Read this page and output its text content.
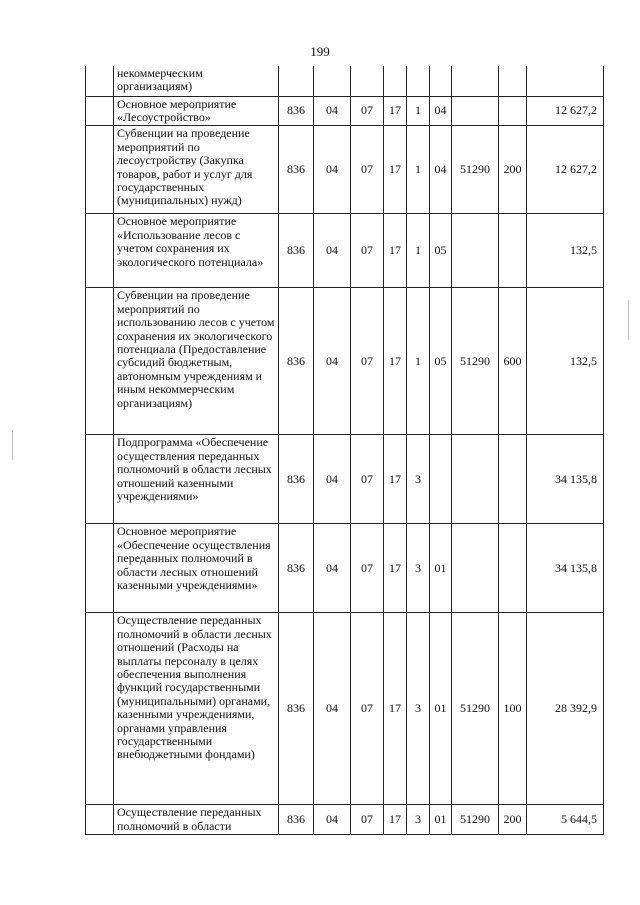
199
	некоммерческим организациям)									
	Основное мероприятие «Лесоустройство»	836	04	07	17	1	04			12 627,2
	Субвенции на проведение мероприятий по лесоустройству (Закупка товаров, работ и услуг для государственных (муниципальных) нужд)	836	04	07	17	1	04	51290	200	12 627,2
	Основное мероприятие «Использование лесов с учетом сохранения их экологического потенциала»	836	04	07	17	1	05			132,5
	Субвенции на проведение мероприятий по использованию лесов с учетом сохранения их экологического потенциала (Предоставление субсидий бюджетным, автономным учреждениям и иным некоммерческим организациям)	836	04	07	17	1	05	51290	600	132,5
	Подпрограмма «Обеспечение осуществления переданных полномочий в области лесных отношений казенными учреждениями»	836	04	07	17	3				34 135,8
	Основное мероприятие «Обеспечение осуществления переданных полномочий в области лесных отношений казенными учреждениями»	836	04	07	17	3	01			34 135,8
	Осуществление переданных полномочий в области лесных отношений (Расходы на выплаты персоналу в целях обеспечения выполнения функций государственными (муниципальными) органами, казенными учреждениями, органами управления государственными внебюджетными фондами)	836	04	07	17	3	01	51290	100	28 392,9
	Осуществление переданных полномочий в области	836	04	07	17	3	01	51290	200	5 644,5
